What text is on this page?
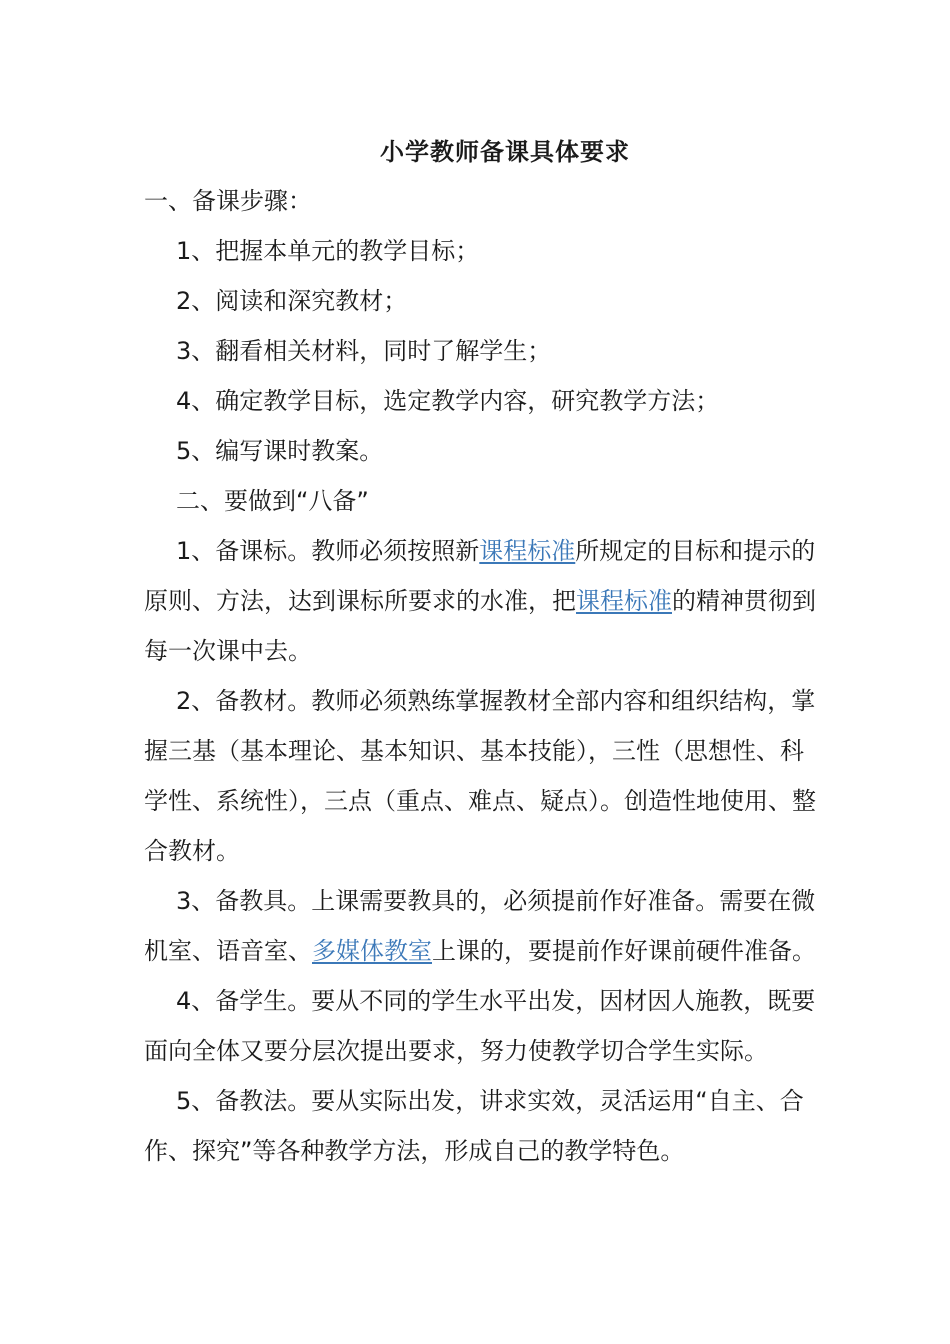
小学教师备课具体要求

一、备课步骤：

1、把握本单元的教学目标；

2、阅读和深究教材；

3、翻看相关材料，同时了解学生；

4、确定教学目标，选定教学内容，研究教学方法；

5、编写课时教案。

二、要做到“八备”

1、备课标。教师必须按照新课程标准所规定的目标和提示的原则、方法，达到课标所要求的水准，把课程标准的精神贯彻到每一次课中去。

2、备教材。教师必须熟练掌握教材全部内容和组织结构，掌握三基（基本理论、基本知识、基本技能），三性（思想性、科学性、系统性），三点（重点、难点、疑点）。创造性地使用、整合教材。

3、备教具。上课需要教具的，必须提前作好准备。需要在微机室、语音室、多媒体教室上课的，要提前作好课前硬件准备。

4、备学生。要从不同的学生水平出发，因材因人施教，既要面向全体又要分层次提出要求，努力使教学切合学生实际。

5、备教法。要从实际出发，讲求实效，灵活运用“自主、合作、探究”等各种教学方法，形成自己的教学特色。
